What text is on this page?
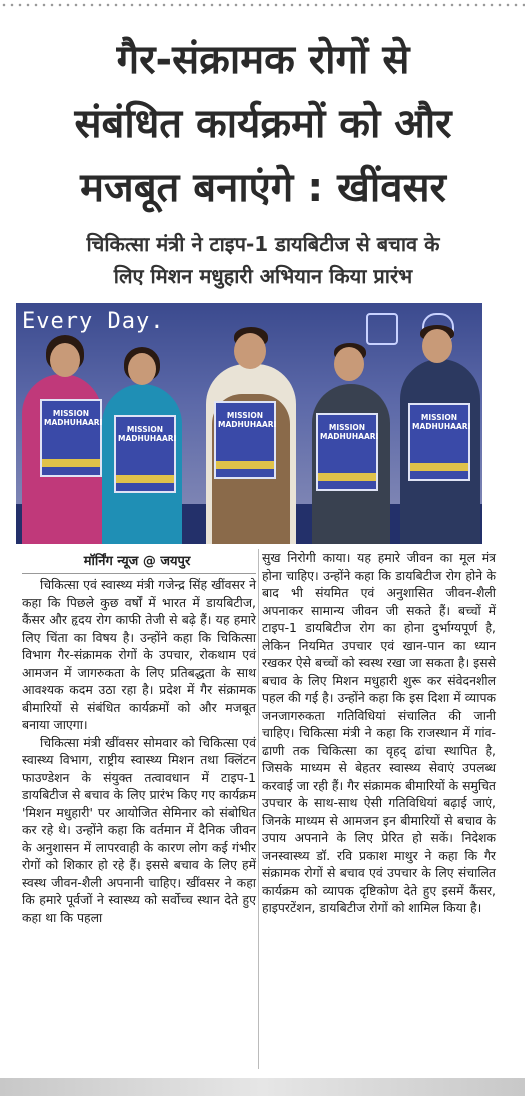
गैर-संक्रामक रोगों से
संबंधित कार्यक्रमों को और
मजबूत बनाएंगे : खींवसर
चिकित्सा मंत्री ने टाइप-1 डायबिटीज से बचाव के
लिए मिशन मधुहारी अभियान किया प्रारंभ
Every Day.
MISSION MADHUHAARI
MISSION MADHUHAARI
MISSION MADHUHAARI	MISSION MADHUHAARI
MISSION MADHUHAARI
मॉर्निंग न्यूज @ जयपुर

चिकित्सा एवं स्वास्थ्य मंत्री गजेन्द्र सिंह खींवसर ने कहा कि पिछले कुछ वर्षों में भारत में डायबिटीज, कैंसर और हृदय रोग काफी तेजी से बढ़े हैं। यह हमारे लिए चिंता का विषय है। उन्होंने कहा कि चिकित्सा विभाग गैर-संक्रामक रोगों के उपचार, रोकथाम एवं आमजन में जागरुकता के लिए प्रतिबद्धता के साथ आवश्यक कदम उठा रहा है। प्रदेश में गैर संक्रामक बीमारियों से संबंधित कार्यक्रमों को और मजबूत बनाया जाएगा।

चिकित्सा मंत्री खींवसर सोमवार को चिकित्सा एवं स्वास्थ्य विभाग, राष्ट्रीय स्वास्थ्य मिशन तथा क्लिंटन फाउण्डेशन के संयुक्त तत्वावधान में टाइप-1 डायबिटीज से बचाव के लिए प्रारंभ किए गए कार्यक्रम 'मिशन मधुहारी' पर आयोजित सेमिनार को संबोधित कर रहे थे। उन्होंने कहा कि वर्तमान में दैनिक जीवन के अनुशासन में लापरवाही के कारण लोग कई गंभीर रोगों को शिकार हो रहे हैं। इससे बचाव के लिए हमें स्वस्थ जीवन-शैली अपनानी चाहिए। खींवसर ने कहा कि हमारे पूर्वजों ने स्वास्थ्य को सर्वोच्च स्थान देते हुए कहा था कि पहला

सुख निरोगी काया। यह हमारे जीवन का मूल मंत्र होना चाहिए। उन्होंने कहा कि डायबिटीज रोग होने के बाद भी संयमित एवं अनुशासित जीवन-शैली अपनाकर सामान्य जीवन जी सकते हैं। बच्चों में टाइप-1 डायबिटीज रोग का होना दुर्भाग्यपूर्ण है, लेकिन नियमित उपचार एवं खान-पान का ध्यान रखकर ऐसे बच्चों को स्वस्थ रखा जा सकता है। इससे बचाव के लिए मिशन मधुहारी शुरू कर संवेदनशील पहल की गई है। उन्होंने कहा कि इस दिशा में व्यापक जनजागरुकता गतिविधियां संचालित की जानी चाहिए। चिकित्सा मंत्री ने कहा कि राजस्थान में गांव-ढाणी तक चिकित्सा का वृहद् ढांचा स्थापित है, जिसके माध्यम से बेहतर स्वास्थ्य सेवाएं उपलब्ध करवाई जा रही हैं। गैर संक्रामक बीमारियों के समुचित उपचार के साथ-साथ ऐसी गतिविधियां बढ़ाई जाएं, जिनके माध्यम से आमजन इन बीमारियों से बचाव के उपाय अपनाने के लिए प्रेरित हो सकें। निदेशक जनस्वास्थ्य डॉ. रवि प्रकाश माथुर ने कहा कि गैर संक्रामक रोगों से बचाव एवं उपचार के लिए संचालित कार्यक्रम को व्यापक दृष्टिकोण देते हुए इसमें कैंसर, हाइपरटेंशन, डायबिटीज रोगों को शामिल किया है।
